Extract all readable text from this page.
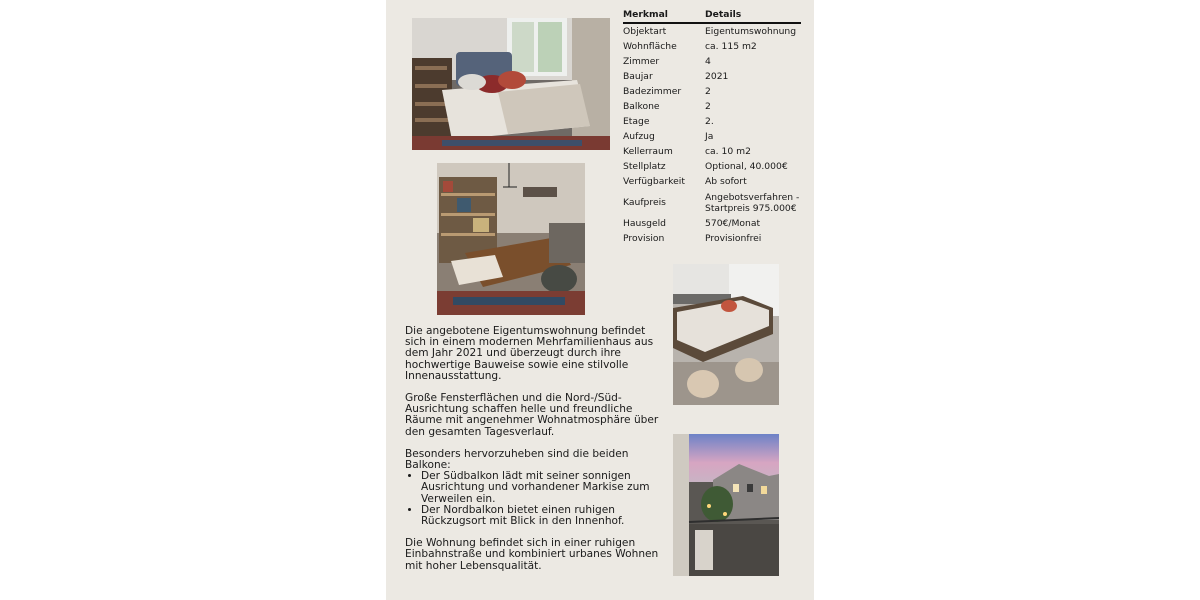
Merkmal	Details
Objektart	Eigentumswohnung
Wohnfläche	ca. 115 m2
Zimmer	4
Baujar	2021
Badezimmer	2
Balkone	2
Etage	2.
Aufzug	Ja
Kellerraum	ca. 10 m2
Stellplatz	Optional, 40.000€
Verfügbarkeit	Ab sofort
Kaufpreis	Angebotsverfahren - Startpreis 975.000€
Hausgeld	570€/Monat
Provision	Provisionfrei

Die angebotene Eigentumswohnung befindet sich in einem modernen Mehrfamilienhaus aus dem Jahr 2021 und überzeugt durch ihre hochwertige Bauweise sowie eine stilvolle Innenausstattung.

Große Fensterflächen und die Nord-/Süd-Ausrichtung schaffen helle und freundliche Räume mit angenehmer Wohnatmosphäre über den gesamten Tagesverlauf.

Besonders hervorzuheben sind die beiden Balkone:

• Der Südbalkon lädt mit seiner sonnigen Ausrichtung und vorhandener Markise zum Verweilen ein.
• Der Nordbalkon bietet einen ruhigen Rückzugsort mit Blick in den Innenhof.

Die Wohnung befindet sich in einer ruhigen Einbahnstraße und kombiniert urbanes Wohnen mit hoher Lebensqualität.
